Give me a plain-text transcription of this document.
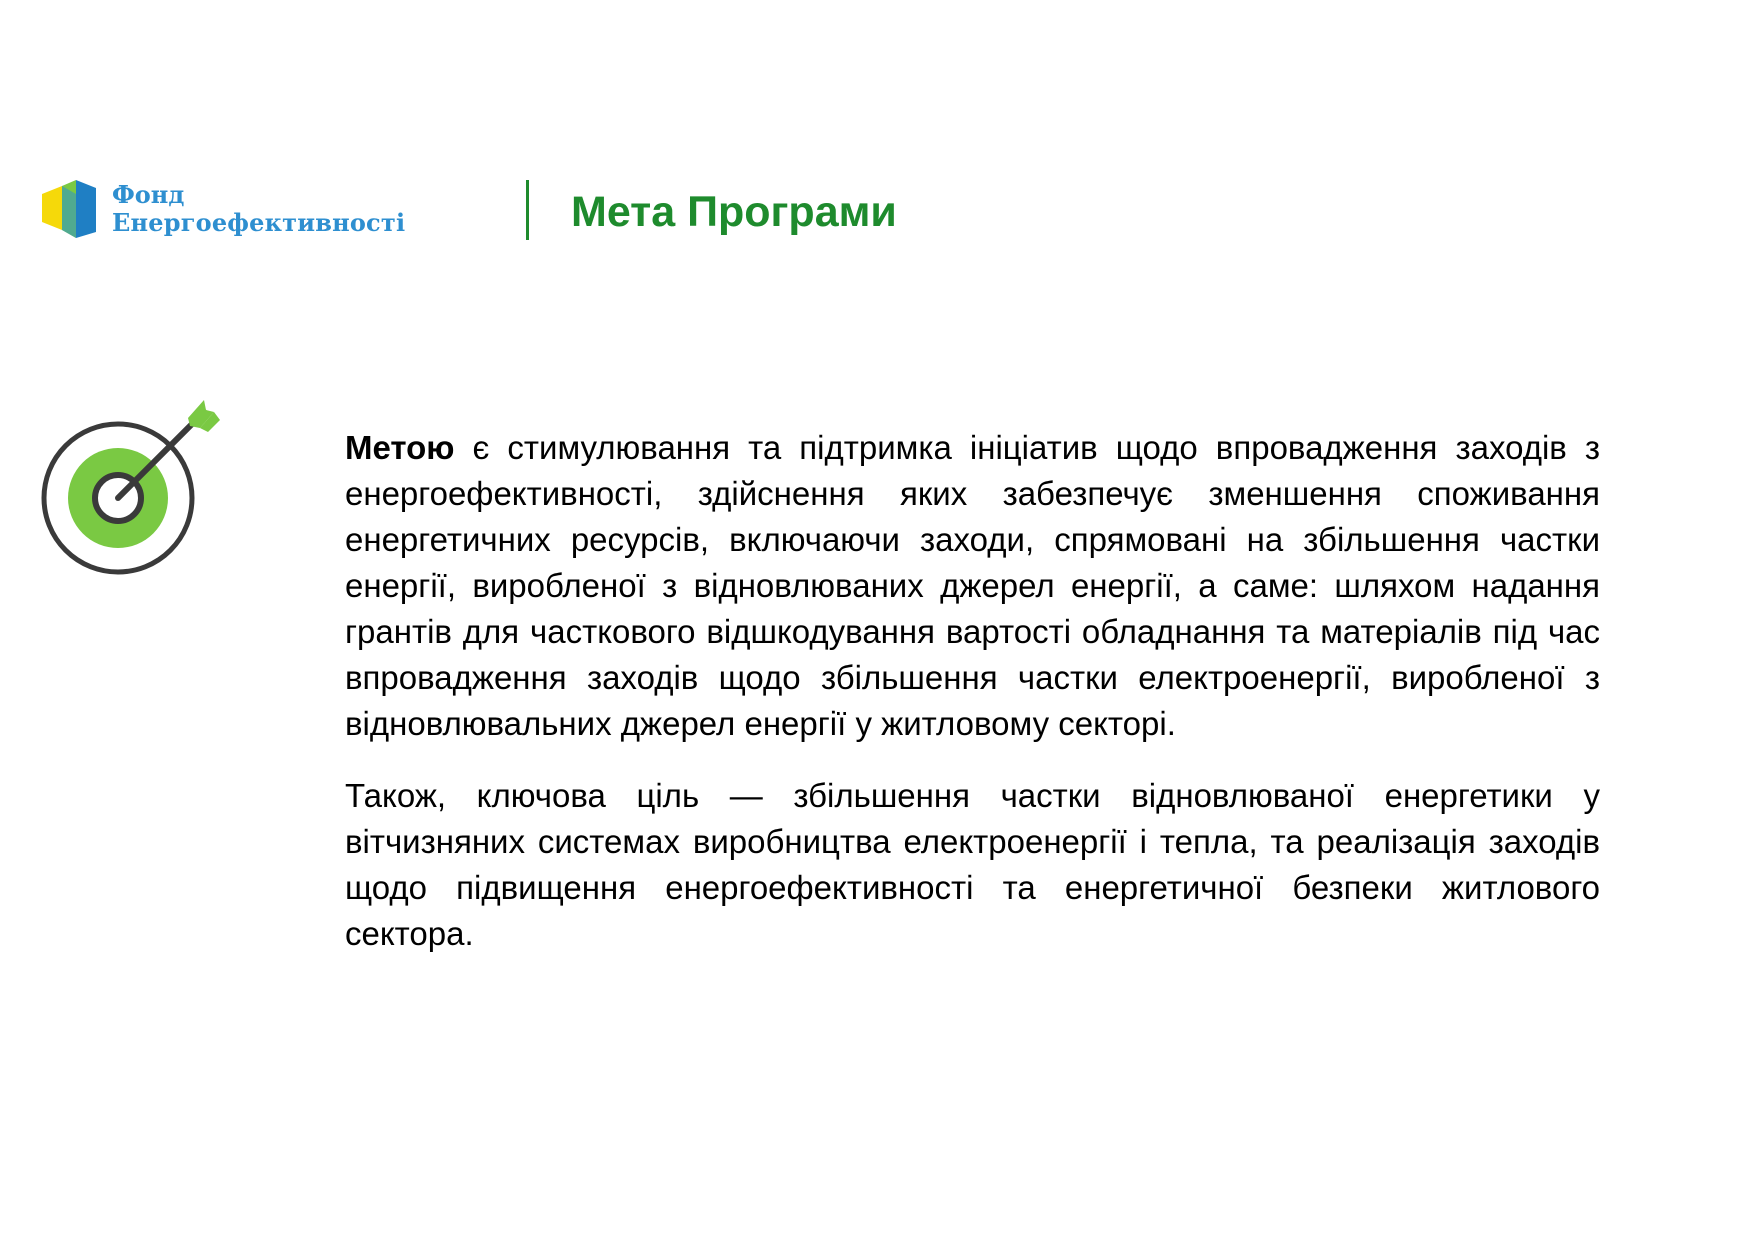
Фонд
Енергоефективності	Мета Програми

Метою є стимулювання та підтримка ініціатив щодо впровадження заходів з енергоефективності, здійснення яких забезпечує зменшення споживання енергетичних ресурсів, включаючи заходи, спрямовані на збільшення частки енергії, виробленої з відновлюваних джерел енергії, а саме: шляхом надання грантів для часткового відшкодування вартості обладнання та матеріалів під час впровадження заходів щодо збільшення частки електроенергії, виробленої з відновлювальних джерел енергії у житловому секторі.

Також, ключова ціль — збільшення частки відновлюваної енергетики у вітчизняних системах виробництва електроенергії і тепла, та реалізація заходів щодо підвищення енергоефективності та енергетичної безпеки житлового сектора.
